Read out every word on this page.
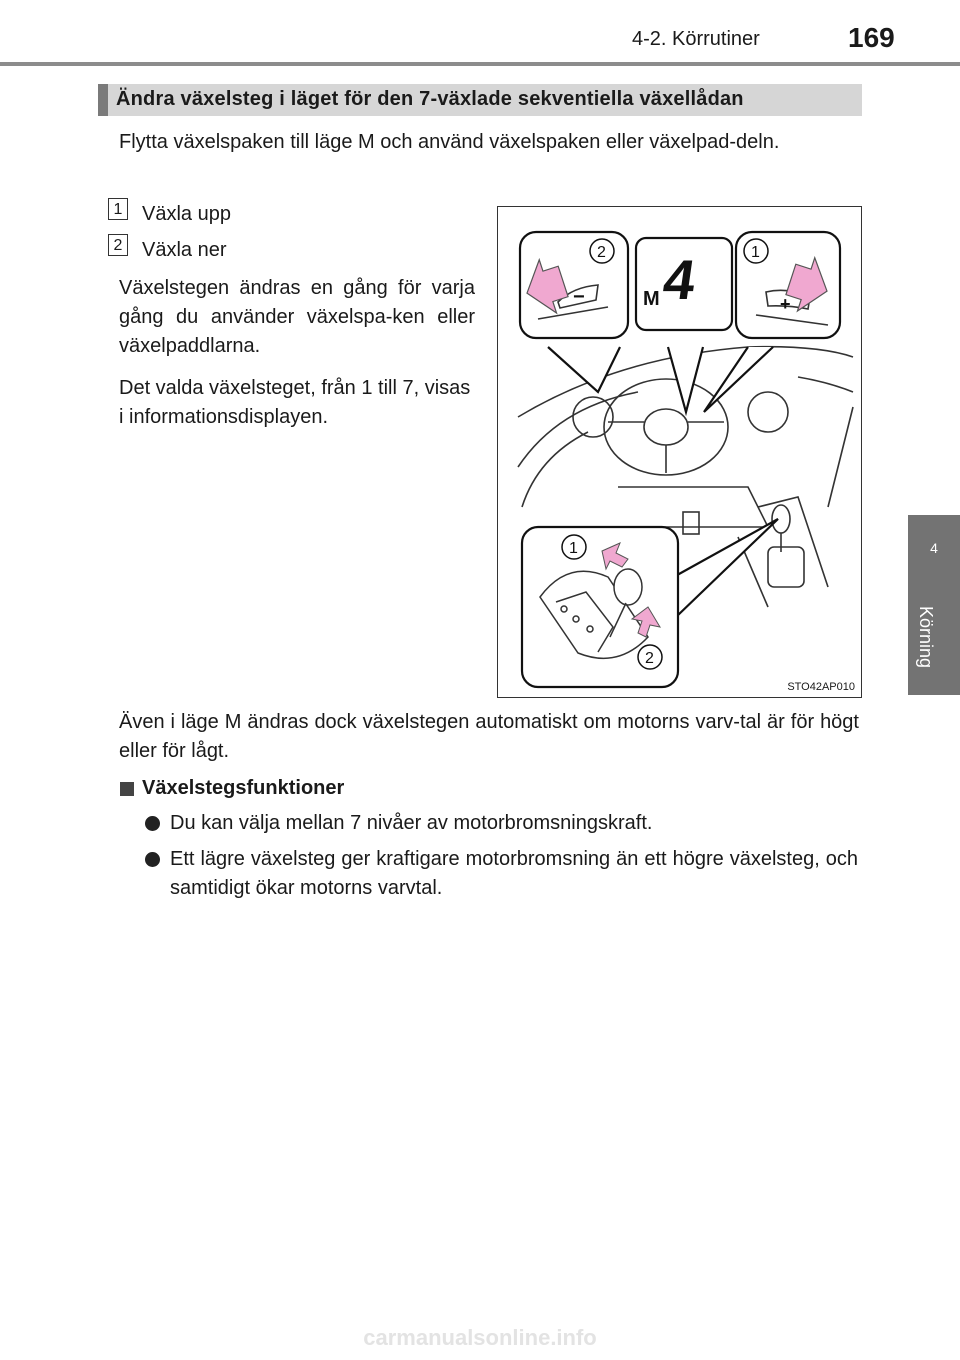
4-2. Körrutiner	169
4
Körning
Ändra växelsteg i läget för den 7-växlade sekventiella växellådan
Flytta växelspaken till läge M och använd växelspaken eller växelpad-deln.
1 Växla upp
2 Växla ner
Växelstegen ändras en gång för varja gång du använder växelspa-ken eller växelpaddlarna.
Det valda växelsteget, från 1 till 7, visas i informationsdisplayen.
−	+
2	1
M 4
1
2
STO42AP010
Även i läge M ändras dock växelstegen automatiskt om motorns varv-tal är för högt eller för lågt.
Växelstegsfunktioner
Du kan välja mellan 7 nivåer av motorbromsningskraft.
Ett lägre växelsteg ger kraftigare motorbromsning än ett högre växelsteg, och samtidigt ökar motorns varvtal.
carmanualsonline.info
